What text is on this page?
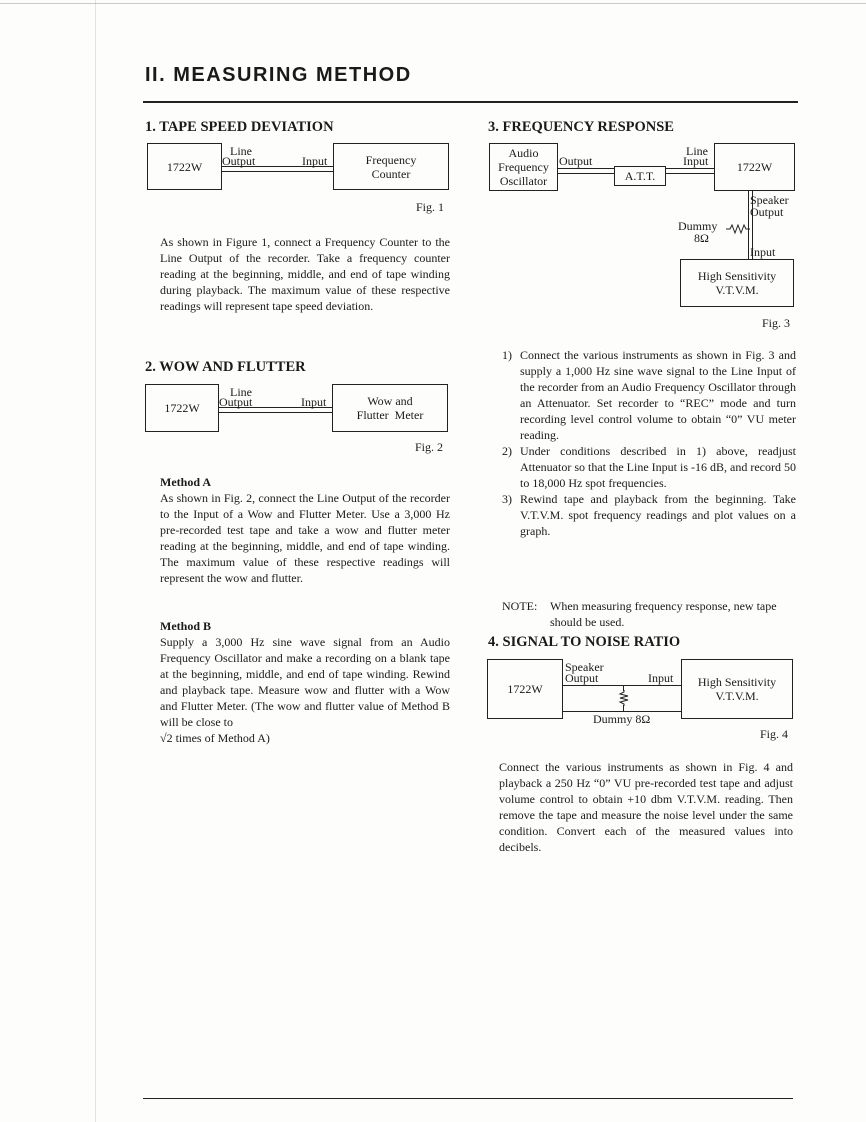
II. MEASURING METHOD
1. TAPE SPEED DEVIATION
1722W	Frequency
Counter
Line
Output	Input
Fig. 1
As shown in Figure 1, connect a Frequency Counter to the Line Output of the recorder. Take a frequency counter reading at the beginning, middle, and end of tape winding during playback. The maximum value of these respective readings will represent tape speed deviation.
2. WOW AND FLUTTER
1722W	Wow and
Flutter  Meter
Line
Output	Input
Fig. 2
Method A
As shown in Fig. 2, connect the Line Output of the recorder to the Input of a Wow and Flutter Meter. Use a 3,000 Hz pre-recorded test tape and take a wow and flutter meter reading at the beginning, middle, and end of tape winding. The maximum value of these respective readings will represent the wow and flutter.
Method B
Supply a 3,000 Hz sine wave signal from an Audio Frequency Oscillator and make a recording on a blank tape at the beginning, middle, and end of tape winding. Rewind and playback tape. Measure wow and flutter with a Wow and Flutter Meter. (The wow and flutter value of Method B will be close to
√2 times of Method A)
3. FREQUENCY RESPONSE
Audio
Frequency
Oscillator	A.T.T.
1722W
Output
Line
Input
Speaker
Output
Dummy
8Ω
Input
High Sensitivity
V.T.V.M.
Fig. 3
1) Connect the various instruments as shown in Fig. 3 and supply a 1,000 Hz sine wave signal to the Line Input of the recorder from an Audio Frequency Oscillator through an Attenuator. Set recorder to “REC” mode and turn recording level control volume to obtain “0” VU meter reading.
2) Under conditions described in 1) above, readjust Attenuator so that the Line Input is -16 dB, and record 50 to 18,000 Hz spot frequencies.
3) Rewind tape and playback from the beginning. Take V.T.V.M. spot frequency readings and plot values on a graph.
NOTE:	When measuring frequency response, new tape should be used.
4. SIGNAL TO NOISE RATIO
1722W	High Sensitivity
V.T.V.M.
Speaker
Output	Input
Dummy 8Ω
Fig. 4
Connect the various instruments as shown in Fig. 4 and playback a 250 Hz “0” VU pre-recorded test tape and adjust volume control to obtain +10 dbm V.T.V.M. reading. Then remove the tape and measure the noise level under the same condition. Convert each of the measured values into decibels.
